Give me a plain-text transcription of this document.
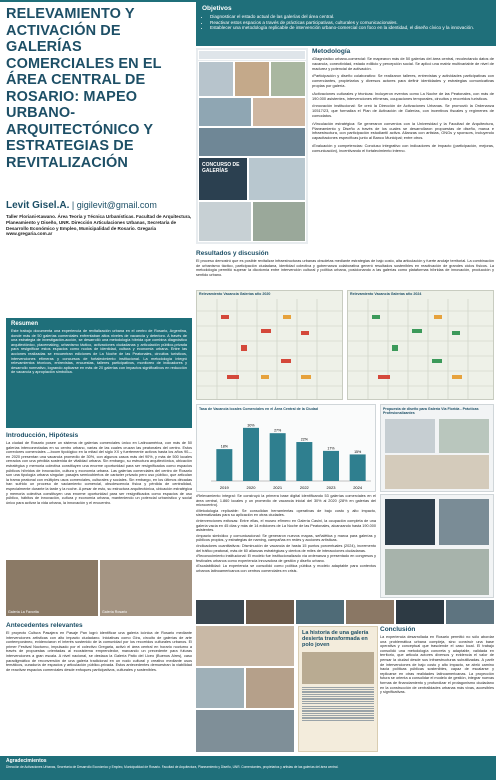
RELEVAMIENTO Y ACTIVACIÓN DE GALERÍAS COMERCIALES EN EL ÁREA CENTRAL DE ROSARIO: MAPEO URBANO-ARQUITECTÓNICO Y ESTRATEGIAS DE REVITALIZACIÓN
Levit Gisel.A. | gigilevit@gmail.com
Taller Floriani-Kawano. Área Teoría y Técnica Urbanísticas. Facultad de Arquitectura, Planeamiento y Diseño, UNR. Dirección Articulaciones Urbanas, Secretaría de Desarrollo Económico y Empleo, Municipalidad de Rosario. Gregaria www.gregaria.com.ar
Objetivos
• Diagnosticar el estado actual de las galerías del área central.
• Reactivar estos espacios a través de prácticas participativas, culturales y comunicacionales.
• Establecer una metodología replicable de intervención urbano-comercial con foco en la identidad, el diseño cívico y la innovación.
CONCURSO DE GALERÍAS
Metodología

•Diagnóstico urbano-comercial: Se mapearon más de 50 galerías del área central, recolectando datos de vacancia, conectividad, estado edilicio y percepción social. Se aplicó una matriz multivariable de nivel de madurez y potencial de activación.

•Participación y diseño colaborativo: Se realizaron talleres, entrevistas y actividades participativas con comerciantes, propietarios y diversos actores para definir identidades y estrategias comunicativas propias por galería.

•Activaciones culturales y técnicas: Incluyeron eventos como La Noche de las Peatonales, con más de 190.000 asistentes, intervenciones efímeras, ocupaciones temporales, circuitos y recorridos turísticos.

•Innovación institucional: Se creó la Dirección de Activaciones Urbanas. Se promovió la Ordenanza 10517/23, que formaliza el Plan de Activación de Galerías, con incentivos fiscales y regímenes de comodatos.

•Vinculación estratégica: Se generaron convenios con la Universidad y la Facultad de Arquitectura, Planeamiento y Diseño a través de los cuales se desarrollaron propuestas de diseño, marca e infraestructura, con participación estudiantil activa. Alianzas con artistas, ONGs y sponsors, incluyendo capacitaciones específicas junto al Banco Municipal; entre otros.

•Evaluación y competencias: Conciuso integrativo con indicadores de impacto (participación, mejoras, comunicación), incentivando el fortalecimiento interno.

Resumen

Este trabajo documenta una experiencia de revitalización urbana en el centro de Rosario, Argentina, donde más de 50 galerías comerciales enfrentaban altos niveles de vacancia y deterioro. A través de una estrategia de investigación-acción, se desarrolló una metodología híbrida que combina diagnóstico arquitectónico, placemaking, urbanismo táctico, activaciones ciudadanas y articulación público-privada para resignificar estos espacios como nodos de identidad, cultura y economía urbana. Entre las acciones realizadas se encuentran ediciones de La Noche de las Peatonales, circuitos turísticos, intervenciones efímeras y concursos de fortalecimiento institucional. La metodología integró relevamientos técnicos, entrevistas, encuestas, talleres participativos, monitoreo de indicadores y desarrollo normativo, logrando aplicarse en más de 20 galerías con impactos significativos en reducción de vacancia y apropiación simbólica.

Introducción, Hipótesis

La ciudad de Rosario posee un sistema de galerías comerciales único en Latinoamérica, con más de 50 galerías interconectadas en su centro urbano, varias de las cuales cruzan las peatonales del centro. Estos corredores comerciales —boom tipológico en la mitad del siglo XX y fuertemente activos hasta los años 90— en 2020 presentan una vacancia promedio de 30%, con algunos casos más del 90%, y más de 500 locales cerrados con una pérdida sostenida de vitalidad urbana. Sin embargo, su estructura arquitectónica, ubicación estratégica y memoria colectiva constituyen una enorme oportunidad para ser resignificados como espacios públicos híbridos de innovación, cultura y economía urbana. Las galerías comerciales del centro de Rosario son una tipología urbana singular: pasajes semicubiertos de carácter privado pero uso público, que articulan la trama peatonal con múltiples usos comerciales, culturales y sociales. Sin embargo, en los últimos décadas han sufrido un proceso de vaciamiento comercial, obsolescencia física y pérdida de centralidad, especialmente durante la tarde y la noche. A pesar de esto, su estructura arquitectónica, ubicación estratégica y memoria colectiva constituyen una enorme oportunidad para ser resignificados como espacios de uso público, hábitos de innovación, cultura y economía urbana, manteniendo un potencial urbanístico y social único para activar la vida urbana, la innovación y el encuentro.

Galería La Favorita	Galería Rosario
Antecedentes relevantes

El proyecto Cultura Pasajera en Pasaje Pan logró identificar una galería icónica de Rosario mediante intervenciones artísticas con alto impacto ciudadano. Iniciativas como Gira, circuito de galerías de arte contemporáneo, evidenciaron el interés sostenido de la comunidad por los recorridos culturales urbanos. El primer Festival Nocturno, impulsado por el colectivo Gregaria, activó el área central en horario nocturno a través de propuestas orientadas al ecosistema emprendedor, marcando un precedente para futuras intervenciones a gran escala. A nivel nacional, se destaca la Galería Patio del Liceo (Buenos Aires), caso paradigmático de reconversión de una galería tradicional en un nodo cultural y creativo mediante usos temáticos, curaduría de espacios y articulación público-privada. Estos antecedentes demuestran la viabilidad de reactivar espacios comerciales desde enfoques participativos, culturales y sostenibles.

Resultados y discusión

El proceso demostró que es posible revitalizar infraestructuras urbanas obsoletas mediante estrategias de bajo costo, alta articulación y fuerte anclaje territorial. La combinación de urbanismo táctico, participación ciudadana, identidad colectiva y gobernanza colaborativa generó resultados sostenibles en reactivación de grandes ciclos físicos. La metodología permitió superar la dicotomía entre intervención cultural y política urbana, posicionando a las galerías como plataformas híbridas de innovación, producción y sentido urbano.

Relevamiento Vacancia Galerías año 2020	Relevamiento Vacancia Galerías año 2024
Tasa de Vacancia locales Comerciales en el Área Central de la Ciudad
2019
18%
2020
30%
2021
27%
2022
22%
2023
17%
2024
15%
Propuesta de diseño para Galería Via Florida - Prácticas Profesionalizantes

•Relevamiento integral: Se construyó la primera base digital identificando 53 galerías comerciales en el área central, 1.860 locales y un promedio de vacancia inicial del 30% al 2020 (28% en galerías del microcentro).

•Metodología replicable: Se consolidan herramientas operativas de bajo costo y alto impacto, sistematizadas para su aplicación en otras ciudades.

•Intervenciones exitosas: Entre ellas, el museo efímero en Galería Casini, la ocupación completa de una galería vacía en 45 días y más de 14 ediciones de La Noche de las Peatonales, alcanzando hasta 190.000 asistentes.

•Impacto simbólico y comunicacional: Se generaron nuevos mapas, señalética y marca para galerías y públicos propios, y estrategias de naming, campañas en redes y acciones artísticas.

•Indicadores cuantitativos: Disminución de vacancia de hasta 15 puntos porcentuales (2024), incremento del tráfico peatonal, más de 60 alianzas estratégicas y cientos de miles de interacciones ciudadanas.

•Reconocimiento institucional: El modelo fue institucionalizado vía ordenanza y presentado en congresos y festivales urbanos como experiencia innovadora de gestión y diseño urbano.

•Escalabilidad: La experiencia se consolidó como política pública y modelo adaptable para contextos urbanos latinoamericanos con centros comerciales en crisis.

La historia de una galería desierta transformada en polo joven
Conclusión

La experiencia desarrollada en Rosario permitió no sólo abordar una problemática urbana compleja, sino construir una base operativa y conceptual que trasciende el caso local. El trabajo consolidó una metodología concreta y adaptable, validada en territorio, que articula actores diversos y evidencia el valor de pensar la ciudad desde sus infraestructuras subutilizadas. A partir de intervenciones de bajo costo y alto impacto, se abrió camino hacia políticas públicas sostenibles, capaz de escalarse y replicarse en otras realidades latinoamericanas. La proyección futura se orienta a consolidar el modelo de gestión, integrar nuevas formas de financiamiento y profundizar el protagonismo ciudadano en la construcción de centralidades urbanas más vivas, accesibles y significativas.

Agradecimientos

Dirección de Activaciones Urbanas, Secretaría de Desarrollo Económico y Empleo, Municipalidad de Rosario. Facultad de Arquitectura, Planeamiento y Diseño, UNR. Comerciantes, propietarios y artistas de las galerías del área central.
